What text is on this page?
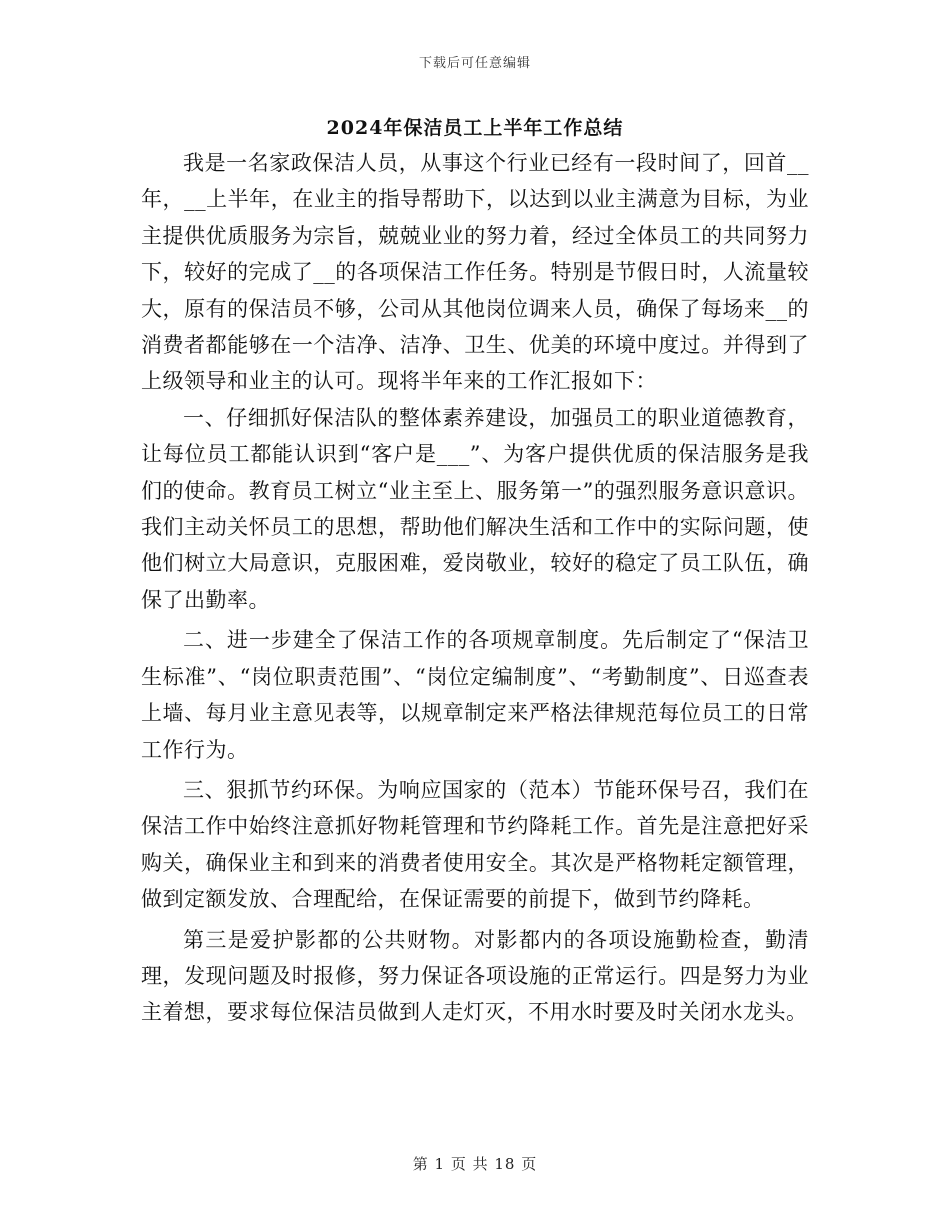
下载后可任意编辑
2024年保洁员工上半年工作总结

我是一名家政保洁人员，从事这个行业已经有一段时间了，回首__年，__上半年，在业主的指导帮助下，以达到以业主满意为目标，为业主提供优质服务为宗旨，兢兢业业的努力着，经过全体员工的共同努力下，较好的完成了__的各项保洁工作任务。特别是节假日时，人流量较大，原有的保洁员不够，公司从其他岗位调来人员，确保了每场来__的消费者都能够在一个洁净、洁净、卫生、优美的环境中度过。并得到了上级领导和业主的认可。现将半年来的工作汇报如下：

一、仔细抓好保洁队的整体素养建设，加强员工的职业道德教育，让每位员工都能认识到“客户是___”、为客户提供优质的保洁服务是我们的使命。教育员工树立“业主至上、服务第一”的强烈服务意识意识。我们主动关怀员工的思想，帮助他们解决生活和工作中的实际问题，使他们树立大局意识，克服困难，爱岗敬业，较好的稳定了员工队伍，确保了出勤率。

二、进一步建全了保洁工作的各项规章制度。先后制定了“保洁卫生标准”、“岗位职责范围”、“岗位定编制度”、“考勤制度”、日巡查表上墙、每月业主意见表等，以规章制定来严格法律规范每位员工的日常工作行为。

三、狠抓节约环保。为响应国家的（范本）节能环保号召，我们在保洁工作中始终注意抓好物耗管理和节约降耗工作。首先是注意把好采购关，确保业主和到来的消费者使用安全。其次是严格物耗定额管理，做到定额发放、合理配给，在保证需要的前提下，做到节约降耗。

第三是爱护影都的公共财物。对影都内的各项设施勤检查，勤清理，发现问题及时报修，努力保证各项设施的正常运行。四是努力为业主着想，要求每位保洁员做到人走灯灭，不用水时要及时关闭水龙头。

第 1 页 共 18 页
